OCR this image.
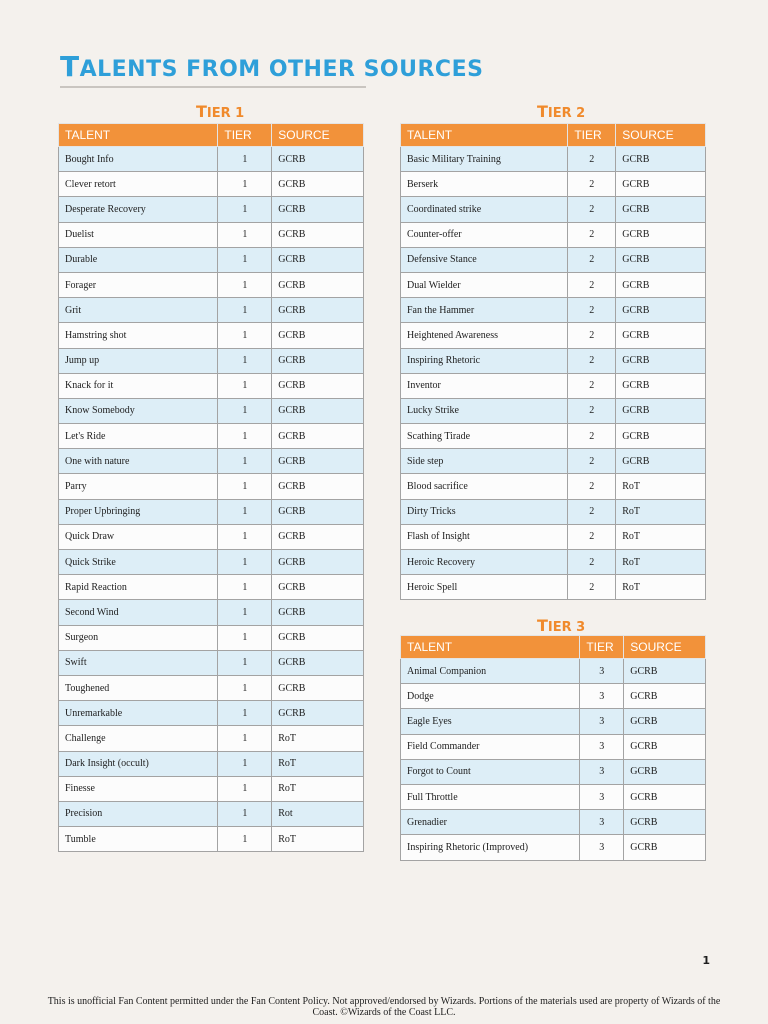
TALENTS FROM OTHER SOURCES
TIER 1
TALENT	TIER	SOURCE
Bought Info	1	GCRB
Clever retort	1	GCRB
Desperate Recovery	1	GCRB
Duelist	1	GCRB
Durable	1	GCRB
Forager	1	GCRB
Grit	1	GCRB
Hamstring shot	1	GCRB
Jump up	1	GCRB
Knack for it	1	GCRB
Know Somebody	1	GCRB
Let's Ride	1	GCRB
One with nature	1	GCRB
Parry	1	GCRB
Proper Upbringing	1	GCRB
Quick Draw	1	GCRB
Quick Strike	1	GCRB
Rapid Reaction	1	GCRB
Second Wind	1	GCRB
Surgeon	1	GCRB
Swift	1	GCRB
Toughened	1	GCRB
Unremarkable	1	GCRB
Challenge	1	RoT
Dark Insight (occult)	1	RoT
Finesse	1	RoT
Precision	1	Rot
Tumble	1	RoT
TIER 2
TALENT	TIER	SOURCE
Basic Military Training	2	GCRB
Berserk	2	GCRB
Coordinated strike	2	GCRB
Counter-offer	2	GCRB
Defensive Stance	2	GCRB
Dual Wielder	2	GCRB
Fan the Hammer	2	GCRB
Heightened Awareness	2	GCRB
Inspiring Rhetoric	2	GCRB
Inventor	2	GCRB
Lucky Strike	2	GCRB
Scathing Tirade	2	GCRB
Side step	2	GCRB
Blood sacrifice	2	RoT
Dirty Tricks	2	RoT
Flash of Insight	2	RoT
Heroic Recovery	2	RoT
Heroic Spell	2	RoT
TIER 3
TALENT	TIER	SOURCE
Animal Companion	3	GCRB
Dodge	3	GCRB
Eagle Eyes	3	GCRB
Field Commander	3	GCRB
Forgot to Count	3	GCRB
Full Throttle	3	GCRB
Grenadier	3	GCRB
Inspiring Rhetoric (Improved)	3	GCRB
1
This is unofficial Fan Content permitted under the Fan Content Policy. Not approved/endorsed by Wizards. Portions of the materials used are property of Wizards of the Coast. ©Wizards of the Coast LLC.
